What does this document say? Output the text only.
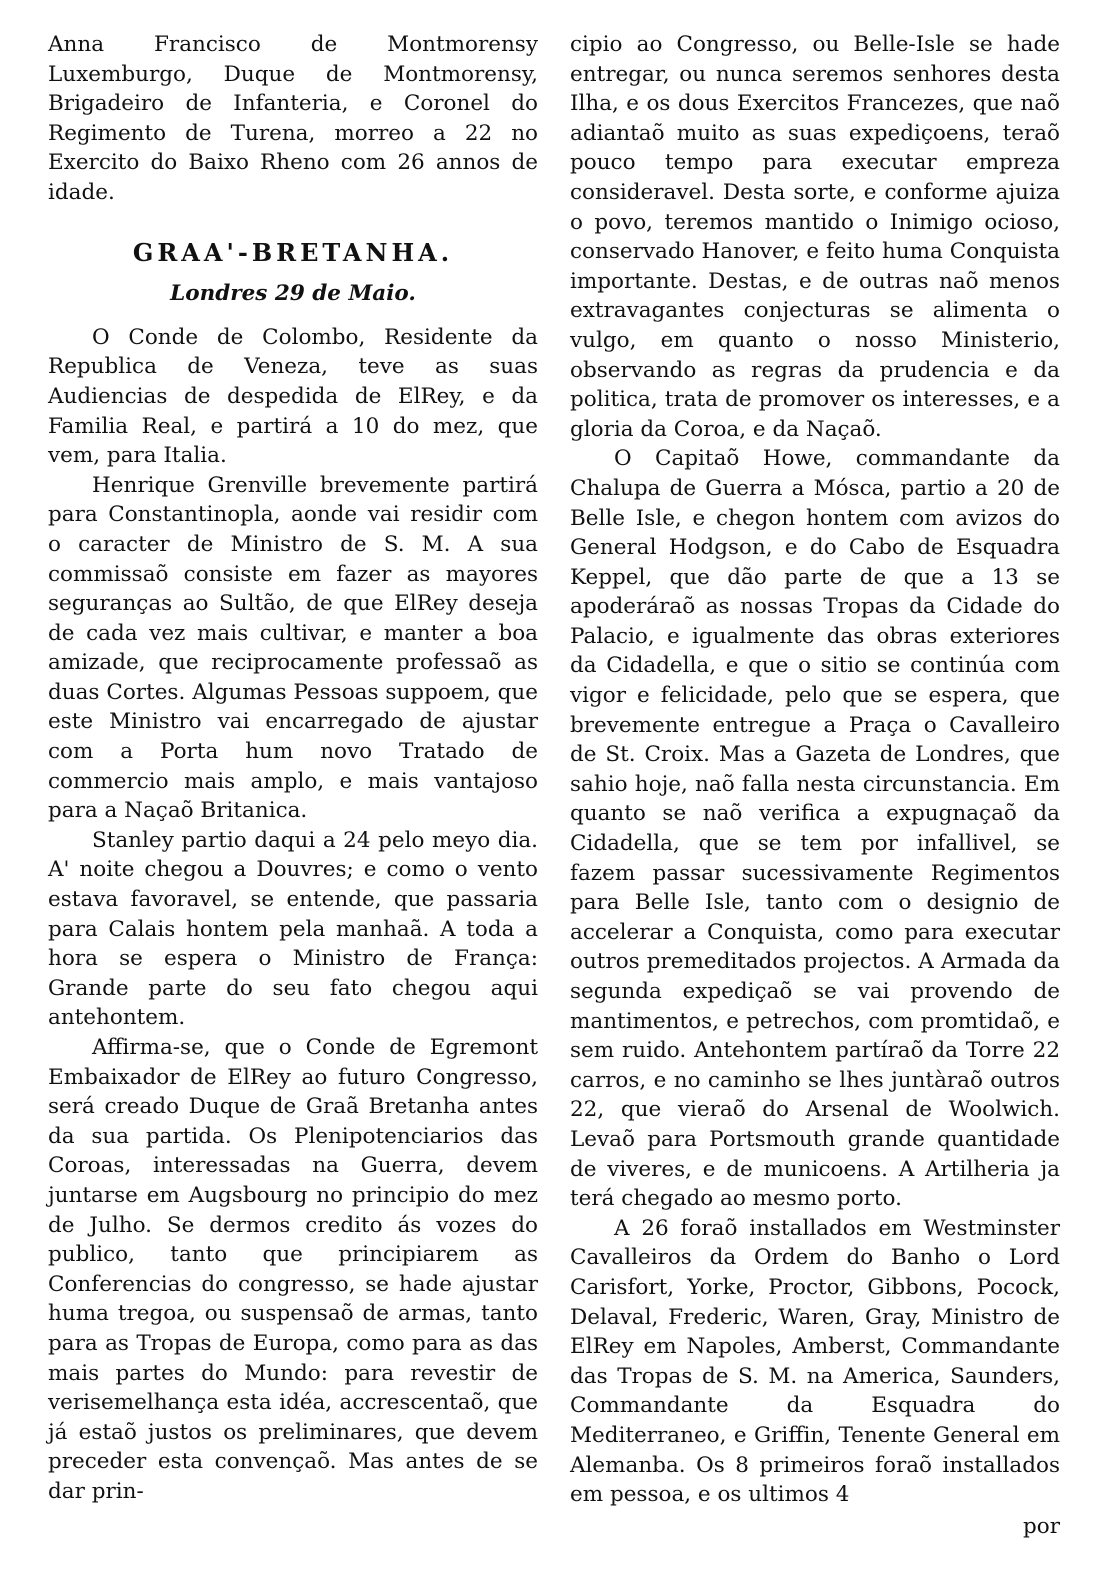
Anna Francisco de Montmorensy Luxemburgo, Duque de Montmorensy, Brigadeiro de Infanteria, e Coronel do Regimento de Turena, morreo a 22 no Exercito do Baixo Rheno com 26 annos de idade.

GRAA'-BRETANHA.
Londres 29 de Maio.

O Conde de Colombo, Residente da Republica de Veneza, teve as suas Audiencias de despedida de ElRey, e da Familia Real, e partirá a 10 do mez, que vem, para Italia.

Henrique Grenville brevemente partirá para Constantinopla, aonde vai residir com o caracter de Ministro de S. M. A sua commissaõ consiste em fazer as mayores seguranças ao Sultão, de que ElRey deseja de cada vez mais cultivar, e manter a boa amizade, que reciprocamente professaõ as duas Cortes. Algumas Pessoas suppoem, que este Ministro vai encarregado de ajustar com a Porta hum novo Tratado de commercio mais amplo, e mais vantajoso para a Naçaõ Britanica.

Stanley partio daqui a 24 pelo meyo dia. A' noite chegou a Douvres; e como o vento estava favoravel, se entende, que passaria para Calais hontem pela manhaã. A toda a hora se espera o Ministro de França: Grande parte do seu fato chegou aqui antehontem.

Affirma-se, que o Conde de Egremont Embaixador de ElRey ao futuro Congresso, será creado Duque de Graã Bretanha antes da sua partida. Os Plenipotenciarios das Coroas, interessadas na Guerra, devem juntarse em Augsbourg no principio do mez de Julho. Se dermos credito ás vozes do publico, tanto que principiarem as Conferencias do congresso, se hade ajustar huma tregoa, ou suspensaõ de armas, tanto para as Tropas de Europa, como para as das mais partes do Mundo: para revestir de verisemelhança esta idéa, accrescentaõ, que já estaõ justos os preliminares, que devem preceder esta convençaõ. Mas antes de se dar prin-

cipio ao Congresso, ou Belle-Isle se hade entregar, ou nunca seremos senhores desta Ilha, e os dous Exercitos Francezes, que naõ adiantaõ muito as suas expediçoens, teraõ pouco tempo para executar empreza consideravel. Desta sorte, e conforme ajuiza o povo, teremos mantido o Inimigo ocioso, conservado Hanover, e feito huma Conquista importante. Destas, e de outras naõ menos extravagantes conjecturas se alimenta o vulgo, em quanto o nosso Ministerio, observando as regras da prudencia e da politica, trata de promover os interesses, e a gloria da Coroa, e da Naçaõ.

O Capitaõ Howe, commandante da Chalupa de Guerra a Mósca, partio a 20 de Belle Isle, e chegon hontem com avizos do General Hodgson, e do Cabo de Esquadra Keppel, que dão parte de que a 13 se apoderáraõ as nossas Tropas da Cidade do Palacio, e igualmente das obras exteriores da Cidadella, e que o sitio se continúa com vigor e felicidade, pelo que se espera, que brevemente entregue a Praça o Cavalleiro de St. Croix. Mas a Gazeta de Londres, que sahio hoje, naõ falla nesta circunstancia. Em quanto se naõ verifica a expugnaçaõ da Cidadella, que se tem por infallivel, se fazem passar sucessivamente Regimentos para Belle Isle, tanto com o designio de accelerar a Conquista, como para executar outros premeditados projectos. A Armada da segunda expediçaõ se vai provendo de mantimentos, e petrechos, com promtidaõ, e sem ruido. Antehontem partíraõ da Torre 22 carros, e no caminho se lhes juntàraõ outros 22, que vieraõ do Arsenal de Woolwich. Levaõ para Portsmouth grande quantidade de viveres, e de municoens. A Artilheria ja terá chegado ao mesmo porto.

A 26 foraõ installados em Westminster Cavalleiros da Ordem do Banho o Lord Carisfort, Yorke, Proctor, Gibbons, Pocock, Delaval, Frederic, Waren, Gray, Ministro de ElRey em Napoles, Amberst, Commandante das Tropas de S. M. na America, Saunders, Commandante da Esquadra do Mediterraneo, e Griffin, Tenente General em Alemanba. Os 8 primeiros foraõ installados em pessoa, e os ultimos 4

por
